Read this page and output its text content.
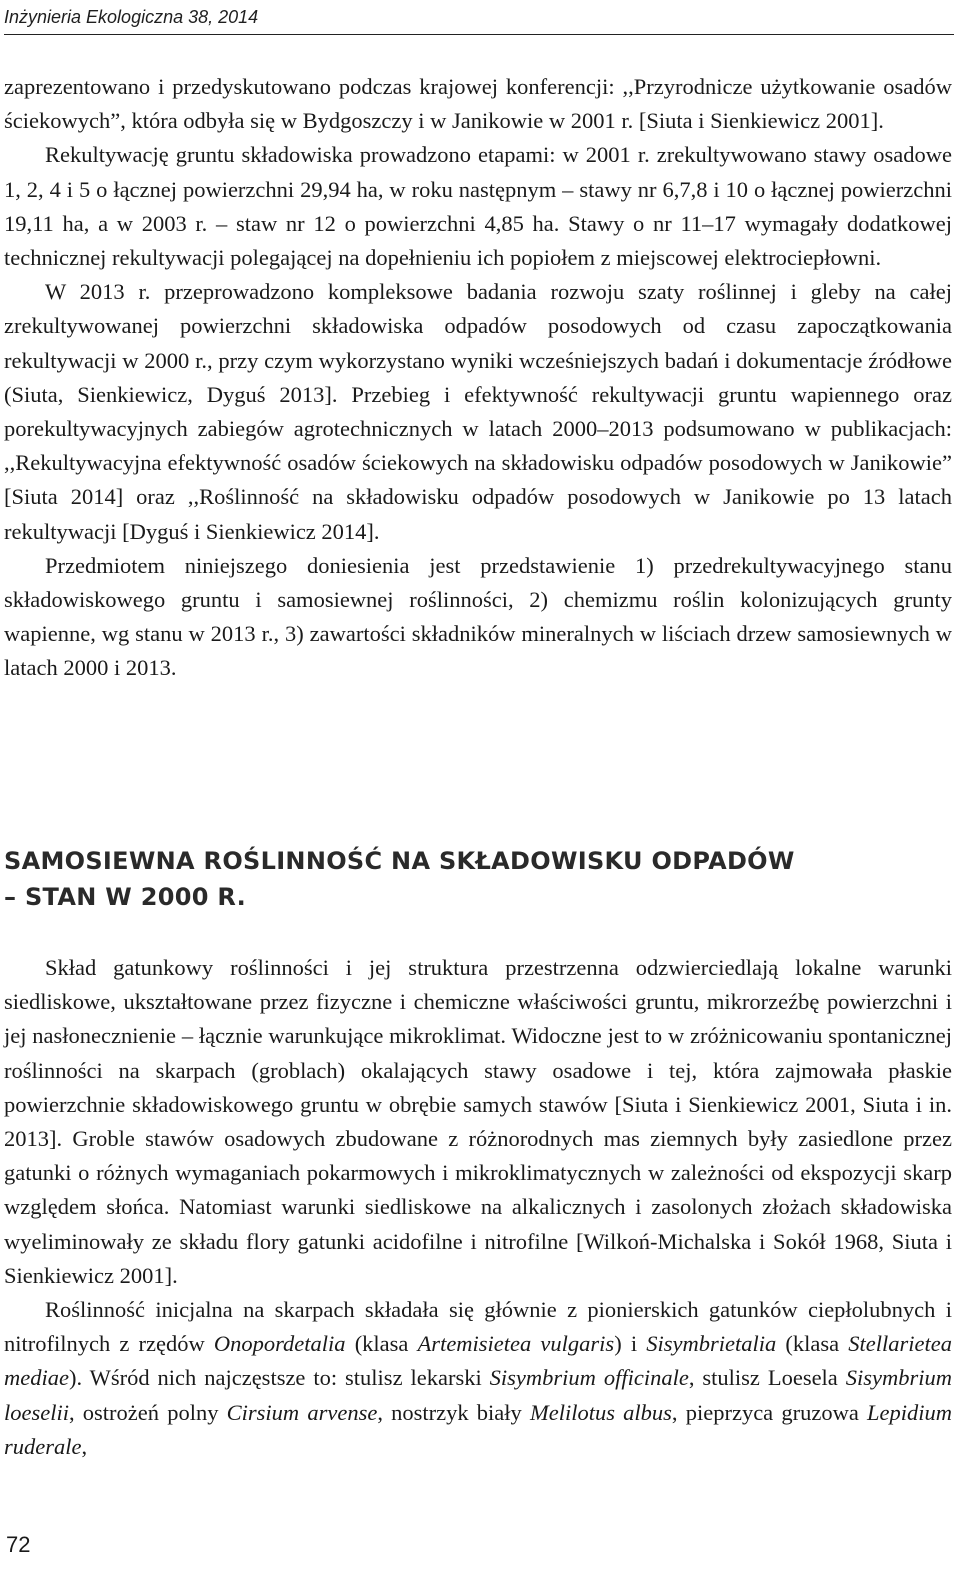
Inżynieria Ekologiczna 38, 2014

zaprezentowano i przedyskutowano podczas krajowej konferencji: ,,Przyrodnicze użytkowanie osadów ściekowych”, która odbyła się w Bydgoszczy i w Janikowie w 2001 r. [Siuta i Sienkiewicz 2001].

Rekultywację gruntu składowiska prowadzono etapami: w 2001 r. zrekultywowano stawy osadowe 1, 2, 4 i 5 o łącznej powierzchni 29,94 ha, w roku następnym – stawy nr 6,7,8 i 10 o łącznej powierzchni 19,11 ha, a w 2003 r. – staw nr 12 o powierzchni 4,85 ha. Stawy o nr 11–17 wymagały dodatkowej technicznej rekultywacji polegającej na dopełnieniu ich popiołem z miejscowej elektrociepłowni.

W 2013 r. przeprowadzono kompleksowe badania rozwoju szaty roślinnej i gleby na całej zrekultywowanej powierzchni składowiska odpadów posodowych od czasu zapoczątkowania rekultywacji w 2000 r., przy czym wykorzystano wyniki wcześniejszych badań i dokumentacje źródłowe (Siuta, Sienkiewicz, Dyguś 2013]. Przebieg i efektywność rekultywacji gruntu wapiennego oraz porekultywacyjnych zabiegów agrotechnicznych w latach 2000–2013 podsumowano w publikacjach: ,,Rekultywacyjna efektywność osadów ściekowych na składowisku odpadów posodowych w Janikowie” [Siuta 2014] oraz ,,Roślinność na składowisku odpadów posodowych w Janikowie po 13 latach rekultywacji [Dyguś i Sienkiewicz 2014].

Przedmiotem niniejszego doniesienia jest przedstawienie 1) przedrekultywacyjnego stanu składowiskowego gruntu i samosiewnej roślinności, 2) chemizmu roślin kolonizujących grunty wapienne, wg stanu w 2013 r., 3) zawartości składników mineralnych w liściach drzew samosiewnych w latach 2000 i 2013.

SAMOSIEWNA ROŚLINNOŚĆ NA SKŁADOWISKU ODPADÓW
– STAN W 2000 R.

Skład gatunkowy roślinności i jej struktura przestrzenna odzwierciedlają lokalne warunki siedliskowe, ukształtowane przez fizyczne i chemiczne właściwości gruntu, mikrorzeźbę powierzchni i jej nasłonecznienie – łącznie warunkujące mikroklimat. Widoczne jest to w zróżnicowaniu spontanicznej roślinności na skarpach (groblach) okalających stawy osadowe i tej, która zajmowała płaskie powierzchnie składowiskowego gruntu w obrębie samych stawów [Siuta i Sienkiewicz 2001, Siuta i in. 2013]. Groble stawów osadowych zbudowane z różnorodnych mas ziemnych były zasiedlone przez gatunki o różnych wymaganiach pokarmowych i mikroklimatycznych w zależności od ekspozycji skarp względem słońca. Natomiast warunki siedliskowe na alkalicznych i zasolonych złożach składowiska wyeliminowały ze składu flory gatunki acidofilne i nitrofilne [Wilkoń-Michalska i Sokół 1968, Siuta i Sienkiewicz 2001].

Roślinność inicjalna na skarpach składała się głównie z pionierskich gatunków ciepłolubnych i nitrofilnych z rzędów Onopordetalia (klasa Artemisietea vulgaris) i Sisymbrietalia (klasa Stellarietea mediae). Wśród nich najczęstsze to: stulisz lekarski Sisymbrium officinale, stulisz Loesela Sisymbrium loeselii, ostrożeń polny Cirsium arvense, nostrzyk biały Melilotus albus, pieprzyca gruzowa Lepidium ruderale,

72
